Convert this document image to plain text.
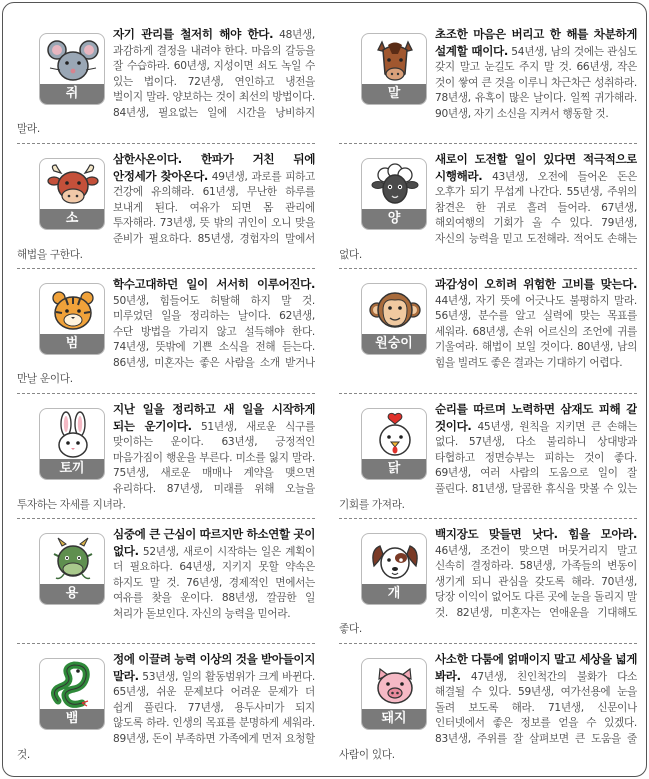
쥐
자기 관리를 철저히 해야 한다. 48년생, 과감하게 결정을 내려야 한다. 마음의 갈등을 잘 수습하라. 60년생, 지성이면 쇠도 녹일 수 있는 법이다. 72년생, 연인하고 냉전을 벌이지 말라. 양보하는 것이 최선의 방법이다. 84년생, 필요없는 일에 시간을 낭비하지 말라.
말
초조한 마음은 버리고 한 해를 차분하게 설계할 때이다. 54년생, 남의 것에는 관심도 갖지 말고 눈길도 주지 말 것. 66년생, 작은 것이 쌓여 큰 것을 이루니 차근차근 성취하라. 78년생, 유혹이 많은 날이다. 일찍 귀가해라. 90년생, 자기 소신을 지켜서 행동할 것.
소
삼한사온이다. 한파가 거친 뒤에 안정세가 찾아온다. 49년생, 과로를 피하고 건강에 유의해라. 61년생, 무난한 하루를 보내게 된다. 여유가 되면 몸 관리에 투자해라. 73년생, 뜻 밖의 귀인이 오니 맞을 준비가 필요하다. 85년생, 경험자의 말에서 해법을 구한다.
양
새로이 도전할 일이 있다면 적극적으로 시행해라. 43년생, 오전에 들어온 돈은 오후가 되기 무섭게 나간다. 55년생, 주위의 참견은 한 귀로 흘려 들어라. 67년생, 해외여행의 기회가 올 수 있다. 79년생, 자신의 능력을 믿고 도전해라. 적어도 손해는 없다.
범
학수고대하던 일이 서서히 이루어진다. 50년생, 힘들어도 허탈해 하지 말 것. 미루었던 일을 정리하는 날이다. 62년생, 수단 방법을 가리지 않고 설득해야 한다. 74년생, 뜻밖에 기쁜 소식을 전해 듣는다. 86년생, 미혼자는 좋은 사람을 소개 받거나 만날 운이다.
원숭이
과감성이 오히려 위험한 고비를 맞는다. 44년생, 자기 뜻에 어긋나도 불평하지 말라. 56년생, 분수를 알고 실력에 맞는 목표를 세워라. 68년생, 손위 어르신의 조언에 귀를 기울여라. 해법이 보일 것이다. 80년생, 남의 힘을 빌려도 좋은 결과는 기대하기 어렵다.
토끼
지난 일을 정리하고 새 일을 시작하게 되는 운기이다. 51년생, 새로운 식구를 맞이하는 운이다. 63년생, 긍정적인 마음가짐이 행운을 부른다. 미소를 잃지 말라. 75년생, 새로운 매매나 계약을 맺으면 유리하다. 87년생, 미래를 위해 오늘을 투자하는 자세를 지녀라.
닭
순리를 따르며 노력하면 삼재도 피해 갈 것이다. 45년생, 원칙을 지키면 큰 손해는 없다. 57년생, 다소 불리하니 상대방과 타협하고 정면승부는 피하는 것이 좋다. 69년생, 여러 사람의 도움으로 일이 잘 풀린다. 81년생, 달콤한 휴식을 맛볼 수 있는 기회를 가져라.
용
심중에 큰 근심이 따르지만 하소연할 곳이 없다. 52년생, 새로이 시작하는 일은 계획이 더 필요하다. 64년생, 지키지 못할 약속은 하지도 말 것. 76년생, 경제적인 면에서는 여유를 찾을 운이다. 88년생, 깔끔한 일 처리가 돋보인다. 자신의 능력을 믿어라.
개
백지장도 맞들면 낫다. 힘을 모아라. 46년생, 조건이 맞으면 머뭇거리지 말고 신속히 결정하라. 58년생, 가족들의 변동이 생기게 되니 관심을 갖도록 해라. 70년생, 당장 이익이 없어도 다른 곳에 눈을 돌리지 말 것. 82년생, 미혼자는 연애운을 기대해도 좋다.
뱀
정에 이끌려 능력 이상의 것을 받아들이지 말라. 53년생, 일의 활동범위가 크게 바뀐다. 65년생, 쉬운 문제보다 어려운 문제가 더 쉽게 풀린다. 77년생, 용두사미가 되지 않도록 하라. 인생의 목표를 분명하게 세워라. 89년생, 돈이 부족하면 가족에게 먼저 요청할 것.
돼지
사소한 다툼에 얽매이지 말고 세상을 넓게 봐라. 47년생, 친인척간의 불화가 다소 해결될 수 있다. 59년생, 여가선용에 눈을 돌려 보도록 해라. 71년생, 신문이나 인터넷에서 좋은 정보를 얻을 수 있겠다. 83년생, 주위를 잘 살펴보면 큰 도움을 줄 사람이 있다.
